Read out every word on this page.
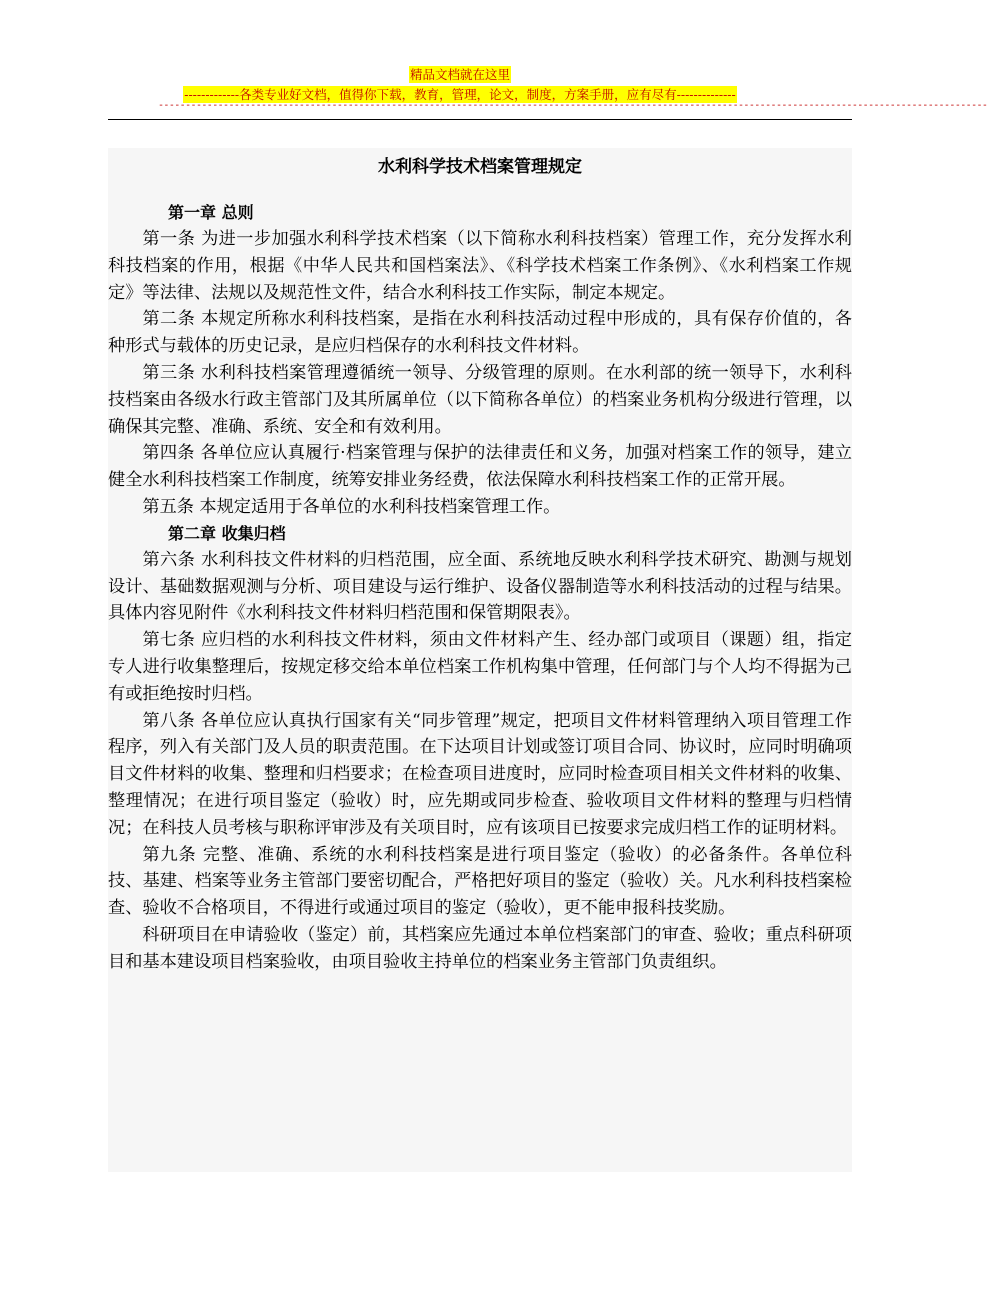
精品文档就在这里
-------------各类专业好文档，值得你下载，教育，管理，论文，制度，方案手册，应有尽有--------------
---------------------------------------------------------------------------------------------------------------------------------------------------------
水利科学技术档案管理规定
第一章 总则

第一条 为进一步加强水利科学技术档案（以下简称水利科技档案）管理工作，充分发挥水利科技档案的作用，根据《中华人民共和国档案法》、《科学技术档案工作条例》、《水利档案工作规定》等法律、法规以及规范性文件，结合水利科技工作实际，制定本规定。

第二条 本规定所称水利科技档案，是指在水利科技活动过程中形成的，具有保存价值的，各种形式与载体的历史记录，是应归档保存的水利科技文件材料。

第三条 水利科技档案管理遵循统一领导、分级管理的原则。在水利部的统一领导下，水利科技档案由各级水行政主管部门及其所属单位（以下简称各单位）的档案业务机构分级进行管理，以确保其完整、准确、系统、安全和有效利用。

第四条 各单位应认真履行·档案管理与保护的法律责任和义务，加强对档案工作的领导，建立健全水利科技档案工作制度，统筹安排业务经费，依法保障水利科技档案工作的正常开展。

第五条 本规定适用于各单位的水利科技档案管理工作。

第二章 收集归档

第六条 水利科技文件材料的归档范围，应全面、系统地反映水利科学技术研究、勘测与规划设计、基础数据观测与分析、项目建设与运行维护、设备仪器制造等水利科技活动的过程与结果。具体内容见附件《水利科技文件材料归档范围和保管期限表》。

第七条 应归档的水利科技文件材料，须由文件材料产生、经办部门或项目（课题）组，指定专人进行收集整理后，按规定移交给本单位档案工作机构集中管理，任何部门与个人均不得据为己有或拒绝按时归档。

第八条 各单位应认真执行国家有关“同步管理”规定，把项目文件材料管理纳入项目管理工作程序，列入有关部门及人员的职责范围。在下达项目计划或签订项目合同、协议时，应同时明确项目文件材料的收集、整理和归档要求；在检查项目进度时，应同时检查项目相关文件材料的收集、整理情况；在进行项目鉴定（验收）时，应先期或同步检查、验收项目文件材料的整理与归档情况；在科技人员考核与职称评审涉及有关项目时，应有该项目已按要求完成归档工作的证明材料。

第九条 完整、准确、系统的水利科技档案是进行项目鉴定（验收）的必备条件。各单位科技、基建、档案等业务主管部门要密切配合，严格把好项目的鉴定（验收）关。凡水利科技档案检查、验收不合格项目，不得进行或通过项目的鉴定（验收），更不能申报科技奖励。

科研项目在申请验收（鉴定）前，其档案应先通过本单位档案部门的审查、验收；重点科研项目和基本建设项目档案验收，由项目验收主持单位的档案业务主管部门负责组织。
